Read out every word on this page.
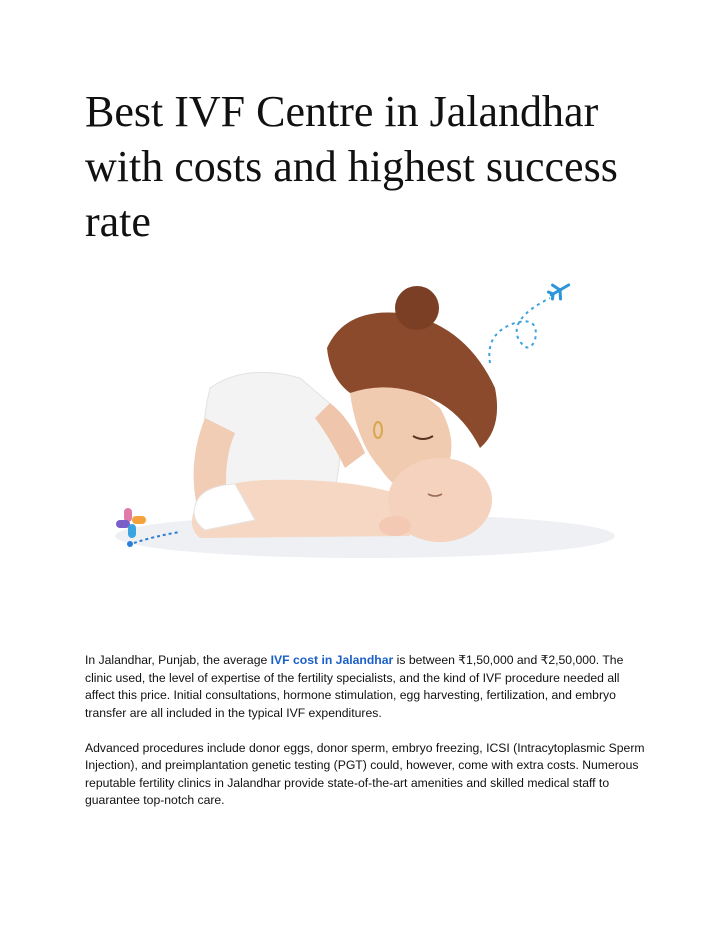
Best IVF Centre in Jalandhar with costs and highest success rate

In Jalandhar, Punjab, the average IVF cost in Jalandhar is between ₹1,50,000 and ₹2,50,000. The clinic used, the level of expertise of the fertility specialists, and the kind of IVF procedure needed all affect this price. Initial consultations, hormone stimulation, egg harvesting, fertilization, and embryo transfer are all included in the typical IVF expenditures.

Advanced procedures include donor eggs, donor sperm, embryo freezing, ICSI (Intracytoplasmic Sperm Injection), and preimplantation genetic testing (PGT) could, however, come with extra costs. Numerous reputable fertility clinics in Jalandhar provide state-of-the-art amenities and skilled medical staff to guarantee top-notch care.
